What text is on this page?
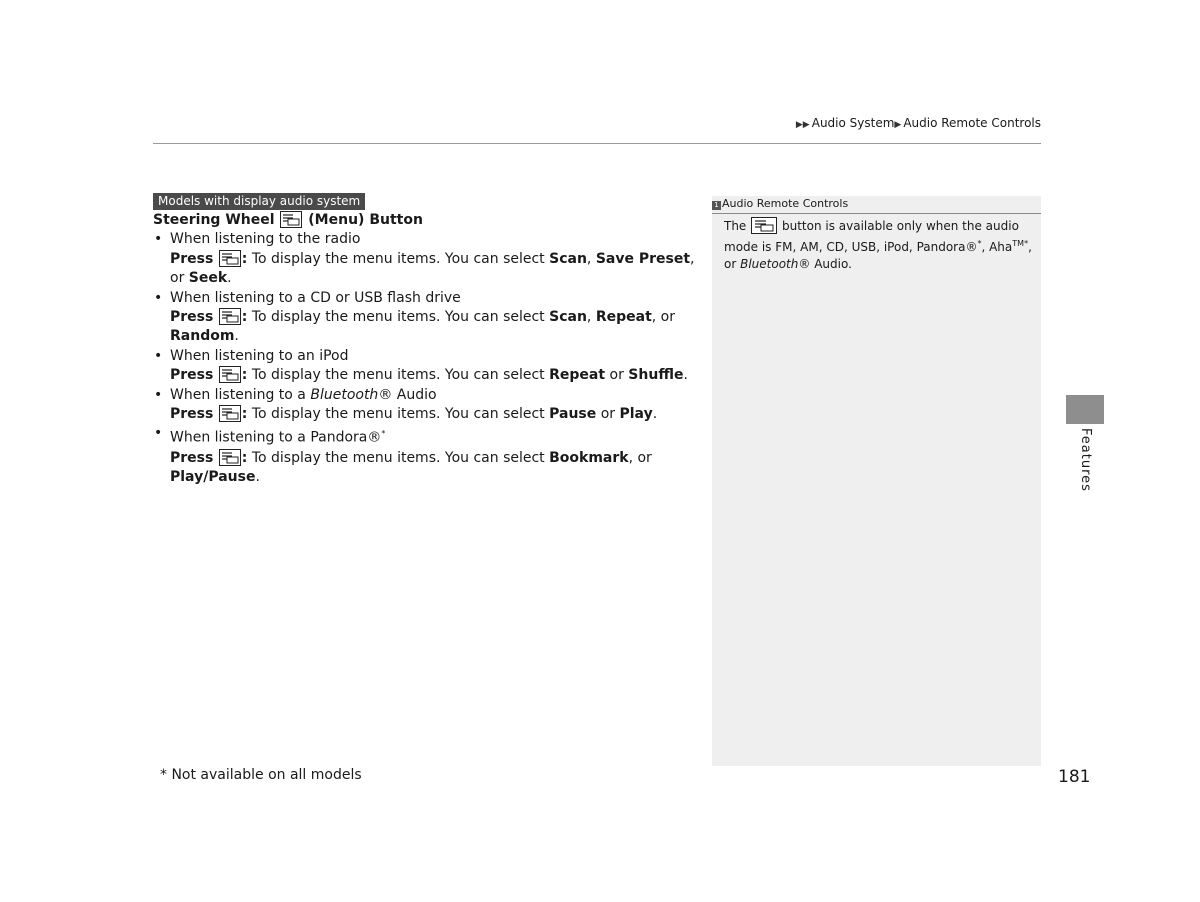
▶▶ Audio System▶ Audio Remote Controls
Models with display audio system
Steering Wheel (Menu) Button
• When listening to the radio
Press : To display the menu items. You can select Scan, Save Preset, or Seek.
• When listening to a CD or USB flash drive
Press : To display the menu items. You can select Scan, Repeat, or Random.
• When listening to an iPod
Press : To display the menu items. You can select Repeat or Shuffle.
• When listening to a Bluetooth® Audio
Press : To display the menu items. You can select Pause or Play.
• When listening to a Pandora®*
Press : To display the menu items. You can select Bookmark, or Play/Pause.
1 Audio Remote Controls
The	button is available only when the audio mode is FM, AM, CD, USB, iPod, Pandora®*, Aha$^{TM*}$, or Bluetooth® Audio.
Features
* Not available on all models	181
